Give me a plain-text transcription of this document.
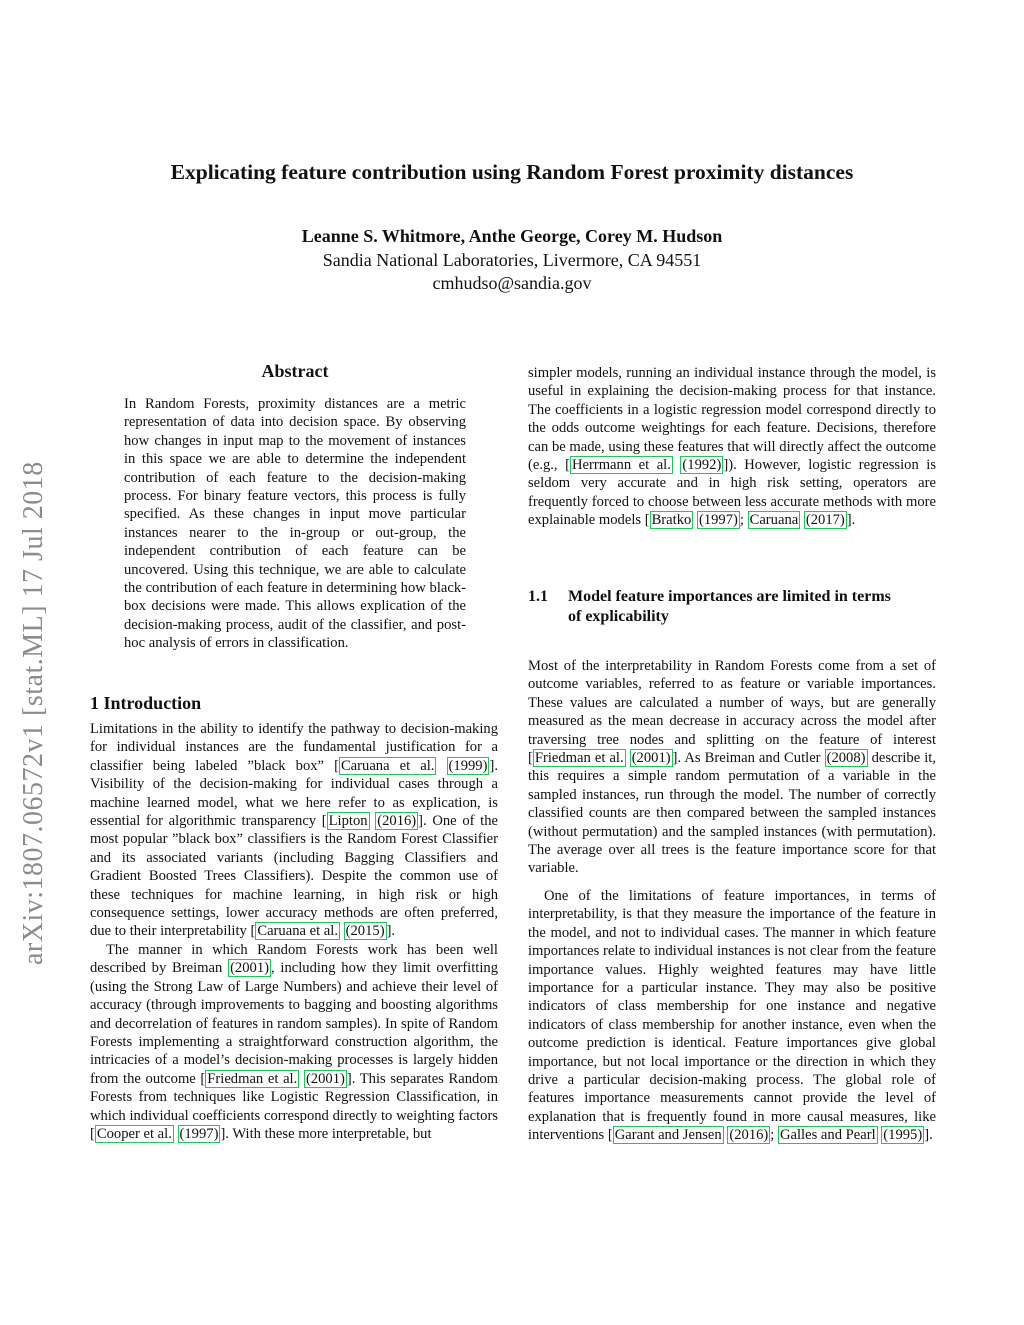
arXiv:1807.06572v1 [stat.ML] 17 Jul 2018
Explicating feature contribution using Random Forest proximity distances
Leanne S. Whitmore, Anthe George, Corey M. Hudson
Sandia National Laboratories, Livermore, CA 94551
cmhudso@sandia.gov
Abstract

In Random Forests, proximity distances are a metric representation of data into decision space. By observing how changes in input map to the movement of instances in this space we are able to determine the independent contribution of each feature to the decision-making process. For binary feature vectors, this process is fully specified. As these changes in input move particular instances nearer to the in-group or out-group, the independent contribution of each feature can be uncovered. Using this technique, we are able to calculate the contribution of each feature in determining how black-box decisions were made. This allows explication of the decision-making process, audit of the classifier, and post-hoc analysis of errors in classification.

1 Introduction

Limitations in the ability to identify the pathway to decision-making for individual instances are the fundamental justification for a classifier being labeled ”black box” [ Caruana et al. (1999) ]. Visibility of the decision-making for individual cases through a machine learned model, what we here refer to as explication, is essential for algorithmic transparency [ Lipton (2016) ]. One of the most popular ”black box” classifiers is the Random Forest Classifier and its associated variants (including Bagging Classifiers and Gradient Boosted Trees Classifiers). Despite the common use of these techniques for machine learning, in high risk or high consequence settings, lower accuracy methods are often preferred, due to their interpretability [ Caruana et al. (2015) ].

The manner in which Random Forests work has been well described by Breiman (2001) , including how they limit overfitting (using the Strong Law of Large Numbers) and achieve their level of accuracy (through improvements to bagging and boosting algorithms and decorrelation of features in random samples). In spite of Random Forests implementing a straightforward construction algorithm, the intricacies of a model’s decision-making processes is largely hidden from the outcome [ Friedman et al. (2001) ]. This separates Random Forests from techniques like Logistic Regression Classification, in which individual coefficients correspond directly to weighting factors [ Cooper et al. (1997) ]. With these more interpretable, but

simpler models, running an individual instance through the model, is useful in explaining the decision-making process for that instance. The coefficients in a logistic regression model correspond directly to the odds outcome weightings for each feature. Decisions, therefore can be made, using these features that will directly affect the outcome (e.g., [ Herrmann et al. (1992) ]). However, logistic regression is seldom very accurate and in high risk setting, operators are frequently forced to choose between less accurate methods with more explainable models [ Bratko (1997) ; Caruana (2017) ].

1.1 Model feature importances are limited in terms of explicability

Most of the interpretability in Random Forests come from a set of outcome variables, referred to as feature or variable importances. These values are calculated a number of ways, but are generally measured as the mean decrease in accuracy across the model after traversing tree nodes and splitting on the feature of interest [ Friedman et al. (2001) ]. As Breiman and Cutler (2008) describe it, this requires a simple random permutation of a variable in the sampled instances, run through the model. The number of correctly classified counts are then compared between the sampled instances (without permutation) and the sampled instances (with permutation). The average over all trees is the feature importance score for that variable.

One of the limitations of feature importances, in terms of interpretability, is that they measure the importance of the feature in the model, and not to individual cases. The manner in which feature importances relate to individual instances is not clear from the feature importance values. Highly weighted features may have little importance for a particular instance. They may also be positive indicators of class membership for one instance and negative indicators of class membership for another instance, even when the outcome prediction is identical. Feature importances give global importance, but not local importance or the direction in which they drive a particular decision-making process. The global role of features importance measurements cannot provide the level of explanation that is frequently found in more causal measures, like interventions [ Garant and Jensen (2016) ; Galles and Pearl (1995) ].
